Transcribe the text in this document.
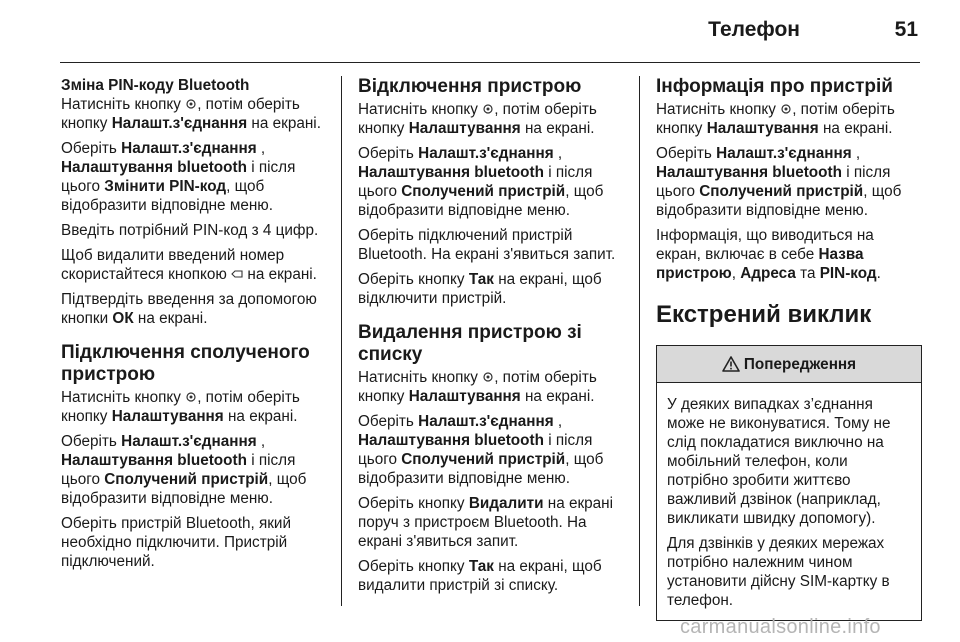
Телефон	51
Зміна PIN-коду Bluetooth

Натисніть кнопку , потім оберіть кнопку Налашт.з'єднання на екрані.

Оберіть Налашт.з'єднання , Налаштування bluetooth і після цього Змінити PIN-код, щоб відобразити відповідне меню.

Введіть потрібний PIN-код з 4 цифр.

Щоб видалити введений номер скористайтеся кнопкою  на екрані.

Підтвердіть введення за допомогою кнопки ОК на екрані.

Підключення сполученого пристрою

Натисніть кнопку , потім оберіть кнопку Налаштування на екрані.

Оберіть Налашт.з'єднання , Налаштування bluetooth і після цього Сполучений пристрій, щоб відобразити відповідне меню.

Оберіть пристрій Bluetooth, який необхідно підключити. Пристрій підключений.

Відключення пристрою

Натисніть кнопку , потім оберіть кнопку Налаштування на екрані.

Оберіть Налашт.з'єднання , Налаштування bluetooth і після цього Сполучений пристрій, щоб відобразити відповідне меню.

Оберіть підключений пристрій Bluetooth. На екрані з'явиться запит.

Оберіть кнопку Так на екрані, щоб відключити пристрій.

Видалення пристрою зі списку

Натисніть кнопку , потім оберіть кнопку Налаштування на екрані.

Оберіть Налашт.з'єднання , Налаштування bluetooth і після цього Сполучений пристрій, щоб відобразити відповідне меню.

Оберіть кнопку Видалити на екрані поруч з пристроєм Bluetooth. На екрані з'явиться запит.

Оберіть кнопку Так на екрані, щоб видалити пристрій зі списку.

Інформація про пристрій

Натисніть кнопку , потім оберіть кнопку Налаштування на екрані.

Оберіть Налашт.з'єднання , Налаштування bluetooth і після цього Сполучений пристрій, щоб відобразити відповідне меню.

Інформація, що виводиться на екран, включає в себе Назва пристрою, Адреса та PIN-код.

Екстрений виклик
Попередження

У деяких випадках з’єднання може не виконуватися. Тому не слід покладатися виключно на мобільний телефон, коли потрібно зробити життєво важливий дзвінок (наприклад, викликати швидку допомогу).

Для дзвінків у деяких мережах потрібно належним чином установити дійсну SIM-картку в телефон.

carmanualsonline.info
